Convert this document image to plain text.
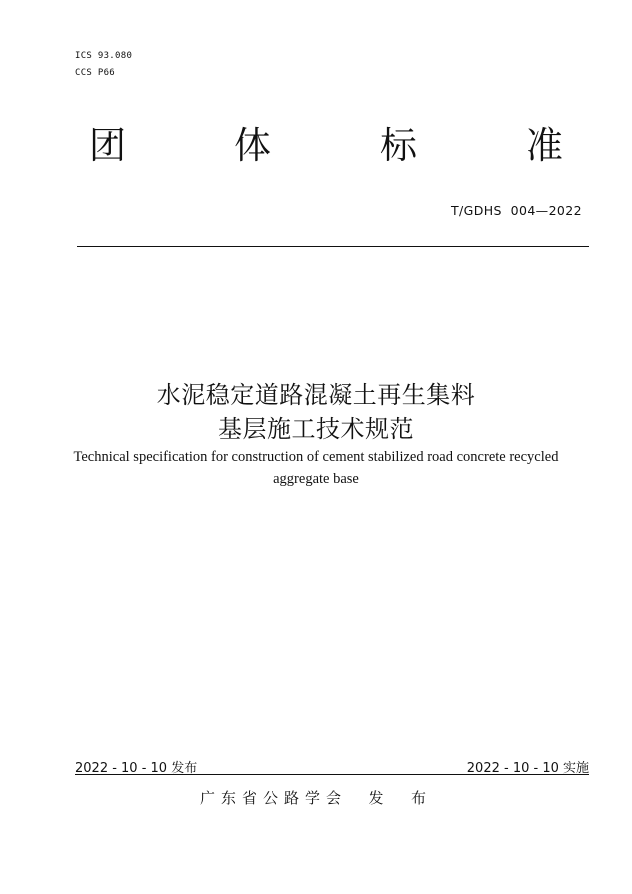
ICS 93.080
CCS P66
团	体	标	准
T/GDHS  004—2022
水泥稳定道路混凝土再生集料
基层施工技术规范
Technical specification for construction of cement stabilized road concrete recycled
aggregate base
2022 - 10 - 10 发布	2022 - 10 - 10 实施
广东省公路学会  发  布
